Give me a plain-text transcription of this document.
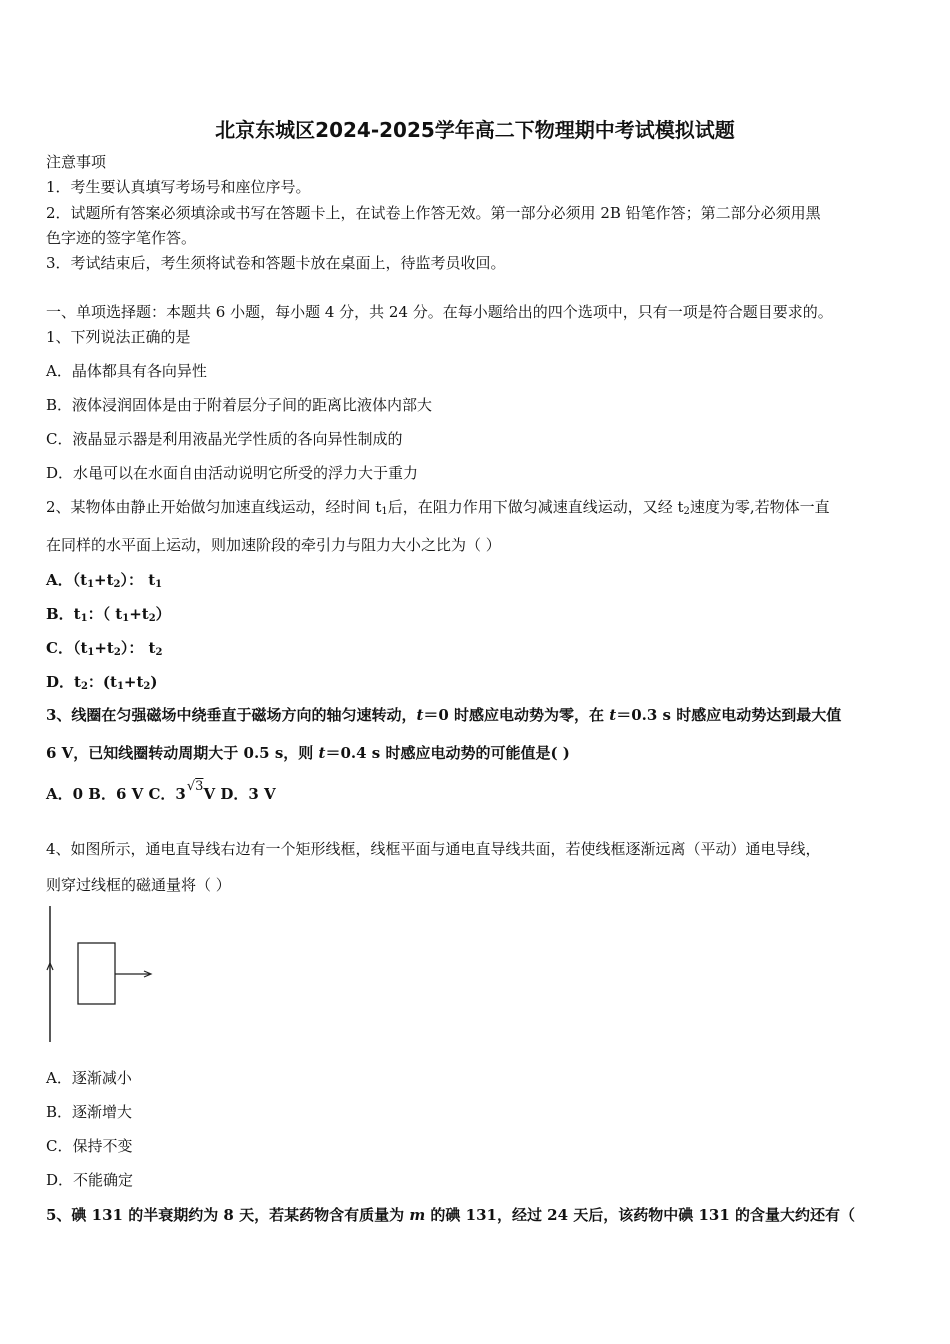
北京东城区2024-2025学年高二下物理期中考试模拟试题
注意事项
1．考生要认真填写考场号和座位序号。
2．试题所有答案必须填涂或书写在答题卡上，在试卷上作答无效。第一部分必须用 2B 铅笔作答；第二部分必须用黑
色字迹的签字笔作答。
3．考试结束后，考生须将试卷和答题卡放在桌面上，待监考员收回。
一、单项选择题：本题共 6 小题，每小题 4 分，共 24 分。在每小题给出的四个选项中，只有一项是符合题目要求的。
1、下列说法正确的是
A．晶体都具有各向异性
B．液体浸润固体是由于附着层分子间的距离比液体内部大
C．液晶显示器是利用液晶光学性质的各向异性制成的
D．水黾可以在水面自由活动说明它所受的浮力大于重力
2、某物体由静止开始做匀加速直线运动，经时间 $t_1$后，在阻力作用下做匀减速直线运动，又经 $t_2$速度为零,若物体一直
在同样的水平面上运动，则加速阶段的牵引力与阻力大小之比为（ ）
A．$(t_1+t_2)$： $t_1$
B．$t_1$：（ $t_1+t_2$）
C．$(t_1+t_2)$： $t_2$
D．$t_2$：$(t_1+t_2)$
3、线圈在匀强磁场中绕垂直于磁场方向的轴匀速转动，t＝0 时感应电动势为零，在 t＝0.3 s 时感应电动势达到最大值
6 V，已知线圈转动周期大于 0.5 s，则 t＝0.4 s 时感应电动势的可能值是( )
A．0 B．6 V C．3√3V D．3 V
4、如图所示，通电直导线右边有一个矩形线框，线框平面与通电直导线共面，若使线框逐渐远离（平动）通电导线，
则穿过线框的磁通量将（ ）
A．逐渐减小
B．逐渐增大
C．保持不变
D．不能确定
5、碘 131 的半衰期约为 8 天，若某药物含有质量为 m 的碘 131，经过 24 天后，该药物中碘 131 的含量大约还有（
